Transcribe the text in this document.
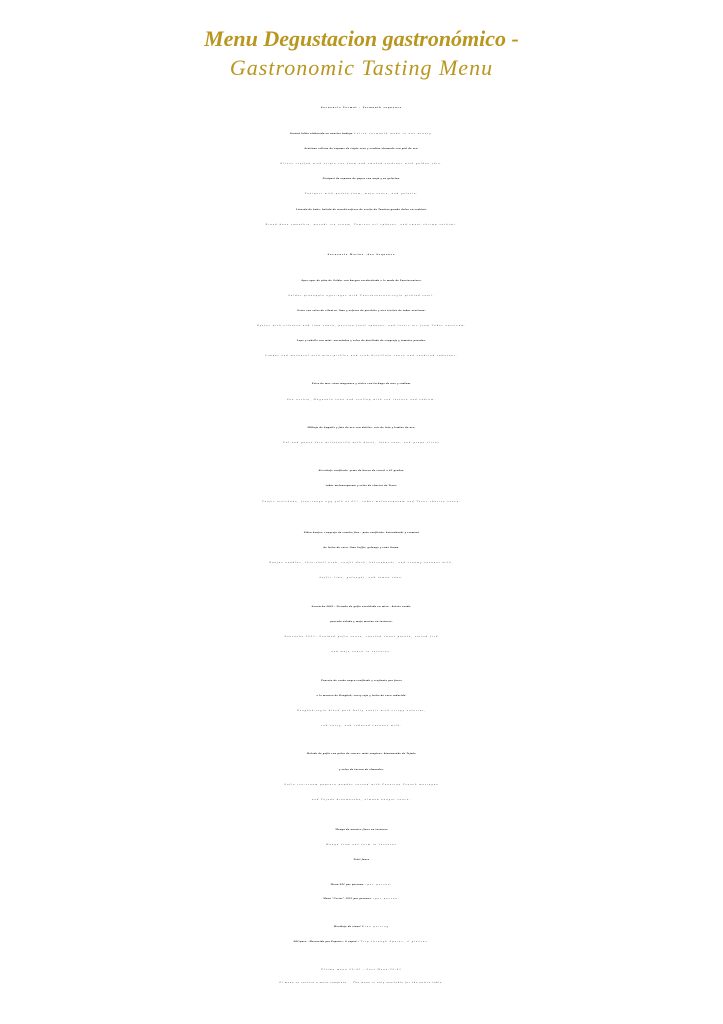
Menu Degustacion gastronómico -
Gastronomic Tasting Menu
Secuencia Vermut - Vermouth sequence
Vermut lolito elaborado en nuestra bodega. Lolito vermouth made in our winery.
Aceituna rellena de espuma de triple seco y sardina ahumada con piel de oro.
Olives stuffed with triple sec foam and smoked sardines with golden skin.
Panipuri de espuma de papas con mojo y su gelatina.
Panipuri with potato foam, mojo sauce, and gelatin.
Licuado de haba, helado de wasabi,esferas de aceite de Temisas,gamba dulce en sashimi.
Broad bean smoothie, wasabi ice cream, Temisas oil spheres, and sweet shrimp sashimi.
Secuencia Marina -Sea Sequence
Agar-agar de piña de Galdar con burgao escabechado a la moda de Fuerteventura.
Galdar pineapple agar-agar with Fuerteventura-style pickled snail.
Ostra con salsa de cilantro, lima y esferas de parchita y aire lactico de tuber aestivum.
Oyster with cilantro and lime sauce, passion fruit spheres, and lactic air from Tuber aestivum.
Lapa y caballa con mini- encurtidos y salsa de destilado de cangrejo y tomates pasados.
Limpet and mackerel with mini-pickles and crab distillate sauce and sundried tomatoes.
Erizo de mar ,atun moganero y vieira con lechuga de mar y codium.
Sea urchin, Moganero tuna and scallop with sea lettuce and codium.
Milhoja de Anguila y foie de oca con datiles, raiz de loto y lamina de uva.
Eel and goose foie millefeuille with dates, lotus root, and grape slices
Alcachofa confitada, yema de huevo de corral a 65 grados,
tuber melanosporum y salsa de chorizo de Teror.
Confit artichoke, free-range egg yolk at 65°, tuber melanosporum and Teror chorizo sauce.
Fideo konjac, cangrejo de concha fina , pato confitado, katsuabushi y cremoso
de leche de coco, lima kaffir, galanga y caña limon.
Konjac noodles, thin-shell crab, confit duck, katsuabushi, and creamy coconut milk,
kaffir lime, galangal, and lemon cane.
Sancocho 2025 : Licuado de gofio escaldado en miso , batata asada,
pescado salado y mojo marino en texturas.
Sancocho 2025: Scalded gofio sauce, roasted sweet potato, salted fish
and mojo sauce in textures.
Panceta de cerdo negro confitada y crujiente por fuera
a la manera de Bangkok, curry rojo y leche de coco reducida.
Bangkok-style black pork belly confit with crispy exterior,
red curry, and reduced coconut milk.
Helado de gofio con polvo de roscas, mini suspiros, bienmesabe de Tejeda
y salsa de turron de almendra.
Gofio ice-cream popcorn powder served with Canarian French meringue
and Tejeda bienmesabe, almond nougat sauce.
Mango de nuestra finca en texturas
Mango from our farm in textures
Petit fours
Menu 92€ por persona. – per person.
Menu "Caviar" 125€ por persona. – per person.
Maridaje de vinos/ Wine pairing
60€/pers. «Recorrido por España», 6 copas/ «Trip through Spain», 6 glasses.
Último menú 20:45 - Last Menu 20:45
El menú se servirá a mesa completa. – The menu is only available for the entire table.
